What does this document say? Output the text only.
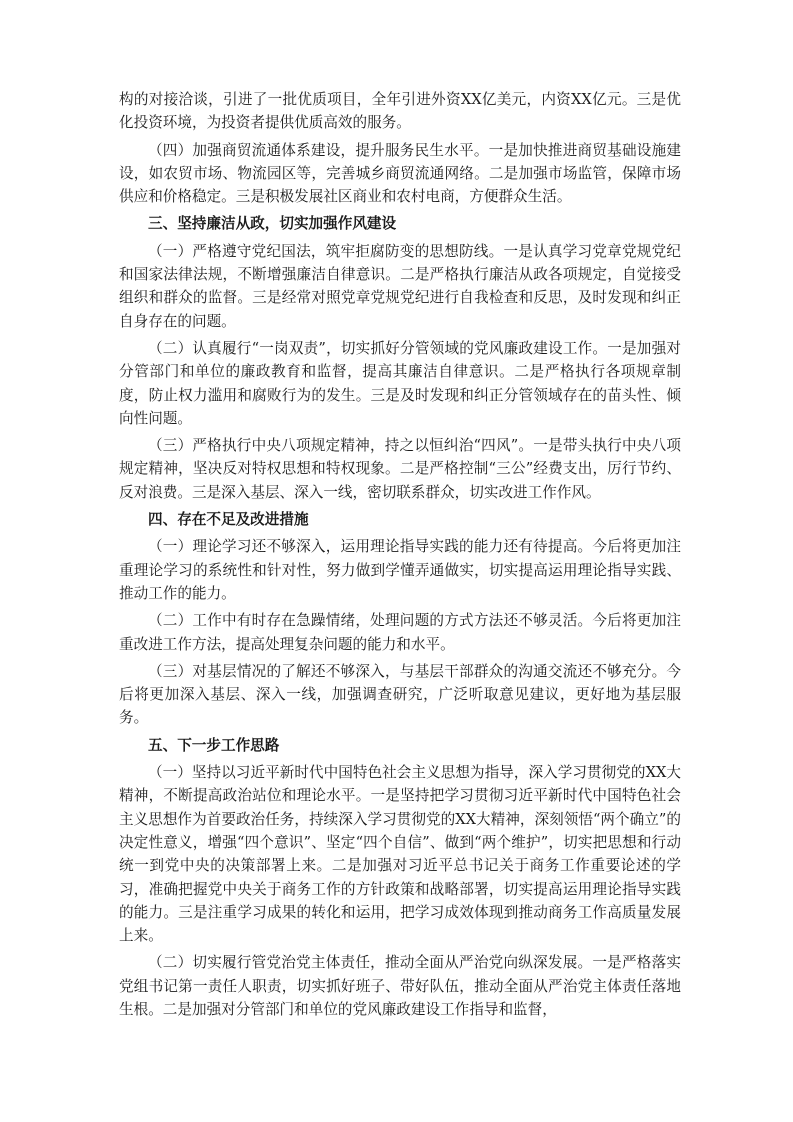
构的对接洽谈，引进了一批优质项目，全年引进外资XX亿美元，内资XX亿元。三是优化投资环境，为投资者提供优质高效的服务。

（四）加强商贸流通体系建设，提升服务民生水平。一是加快推进商贸基础设施建设，如农贸市场、物流园区等，完善城乡商贸流通网络。二是加强市场监管，保障市场供应和价格稳定。三是积极发展社区商业和农村电商，方便群众生活。

三、坚持廉洁从政，切实加强作风建设

（一）严格遵守党纪国法，筑牢拒腐防变的思想防线。一是认真学习党章党规党纪和国家法律法规，不断增强廉洁自律意识。二是严格执行廉洁从政各项规定，自觉接受组织和群众的监督。三是经常对照党章党规党纪进行自我检查和反思，及时发现和纠正自身存在的问题。

（二）认真履行“一岗双责”，切实抓好分管领域的党风廉政建设工作。一是加强对分管部门和单位的廉政教育和监督，提高其廉洁自律意识。二是严格执行各项规章制度，防止权力滥用和腐败行为的发生。三是及时发现和纠正分管领域存在的苗头性、倾向性问题。

（三）严格执行中央八项规定精神，持之以恒纠治“四风”。一是带头执行中央八项规定精神，坚决反对特权思想和特权现象。二是严格控制“三公”经费支出，厉行节约、反对浪费。三是深入基层、深入一线，密切联系群众，切实改进工作作风。

四、存在不足及改进措施

（一）理论学习还不够深入，运用理论指导实践的能力还有待提高。今后将更加注重理论学习的系统性和针对性，努力做到学懂弄通做实，切实提高运用理论指导实践、推动工作的能力。

（二）工作中有时存在急躁情绪，处理问题的方式方法还不够灵活。今后将更加注重改进工作方法，提高处理复杂问题的能力和水平。

（三）对基层情况的了解还不够深入，与基层干部群众的沟通交流还不够充分。今后将更加深入基层、深入一线，加强调查研究，广泛听取意见建议，更好地为基层服务。

五、下一步工作思路

（一）坚持以习近平新时代中国特色社会主义思想为指导，深入学习贯彻党的XX大精神，不断提高政治站位和理论水平。一是坚持把学习贯彻习近平新时代中国特色社会主义思想作为首要政治任务，持续深入学习贯彻党的XX大精神，深刻领悟“两个确立”的决定性意义，增强“四个意识”、坚定“四个自信”、做到“两个维护”，切实把思想和行动统一到党中央的决策部署上来。二是加强对习近平总书记关于商务工作重要论述的学习，准确把握党中央关于商务工作的方针政策和战略部署，切实提高运用理论指导实践的能力。三是注重学习成果的转化和运用，把学习成效体现到推动商务工作高质量发展上来。

（二）切实履行管党治党主体责任，推动全面从严治党向纵深发展。一是严格落实党组书记第一责任人职责，切实抓好班子、带好队伍，推动全面从严治党主体责任落地生根。二是加强对分管部门和单位的党风廉政建设工作指导和监督，
